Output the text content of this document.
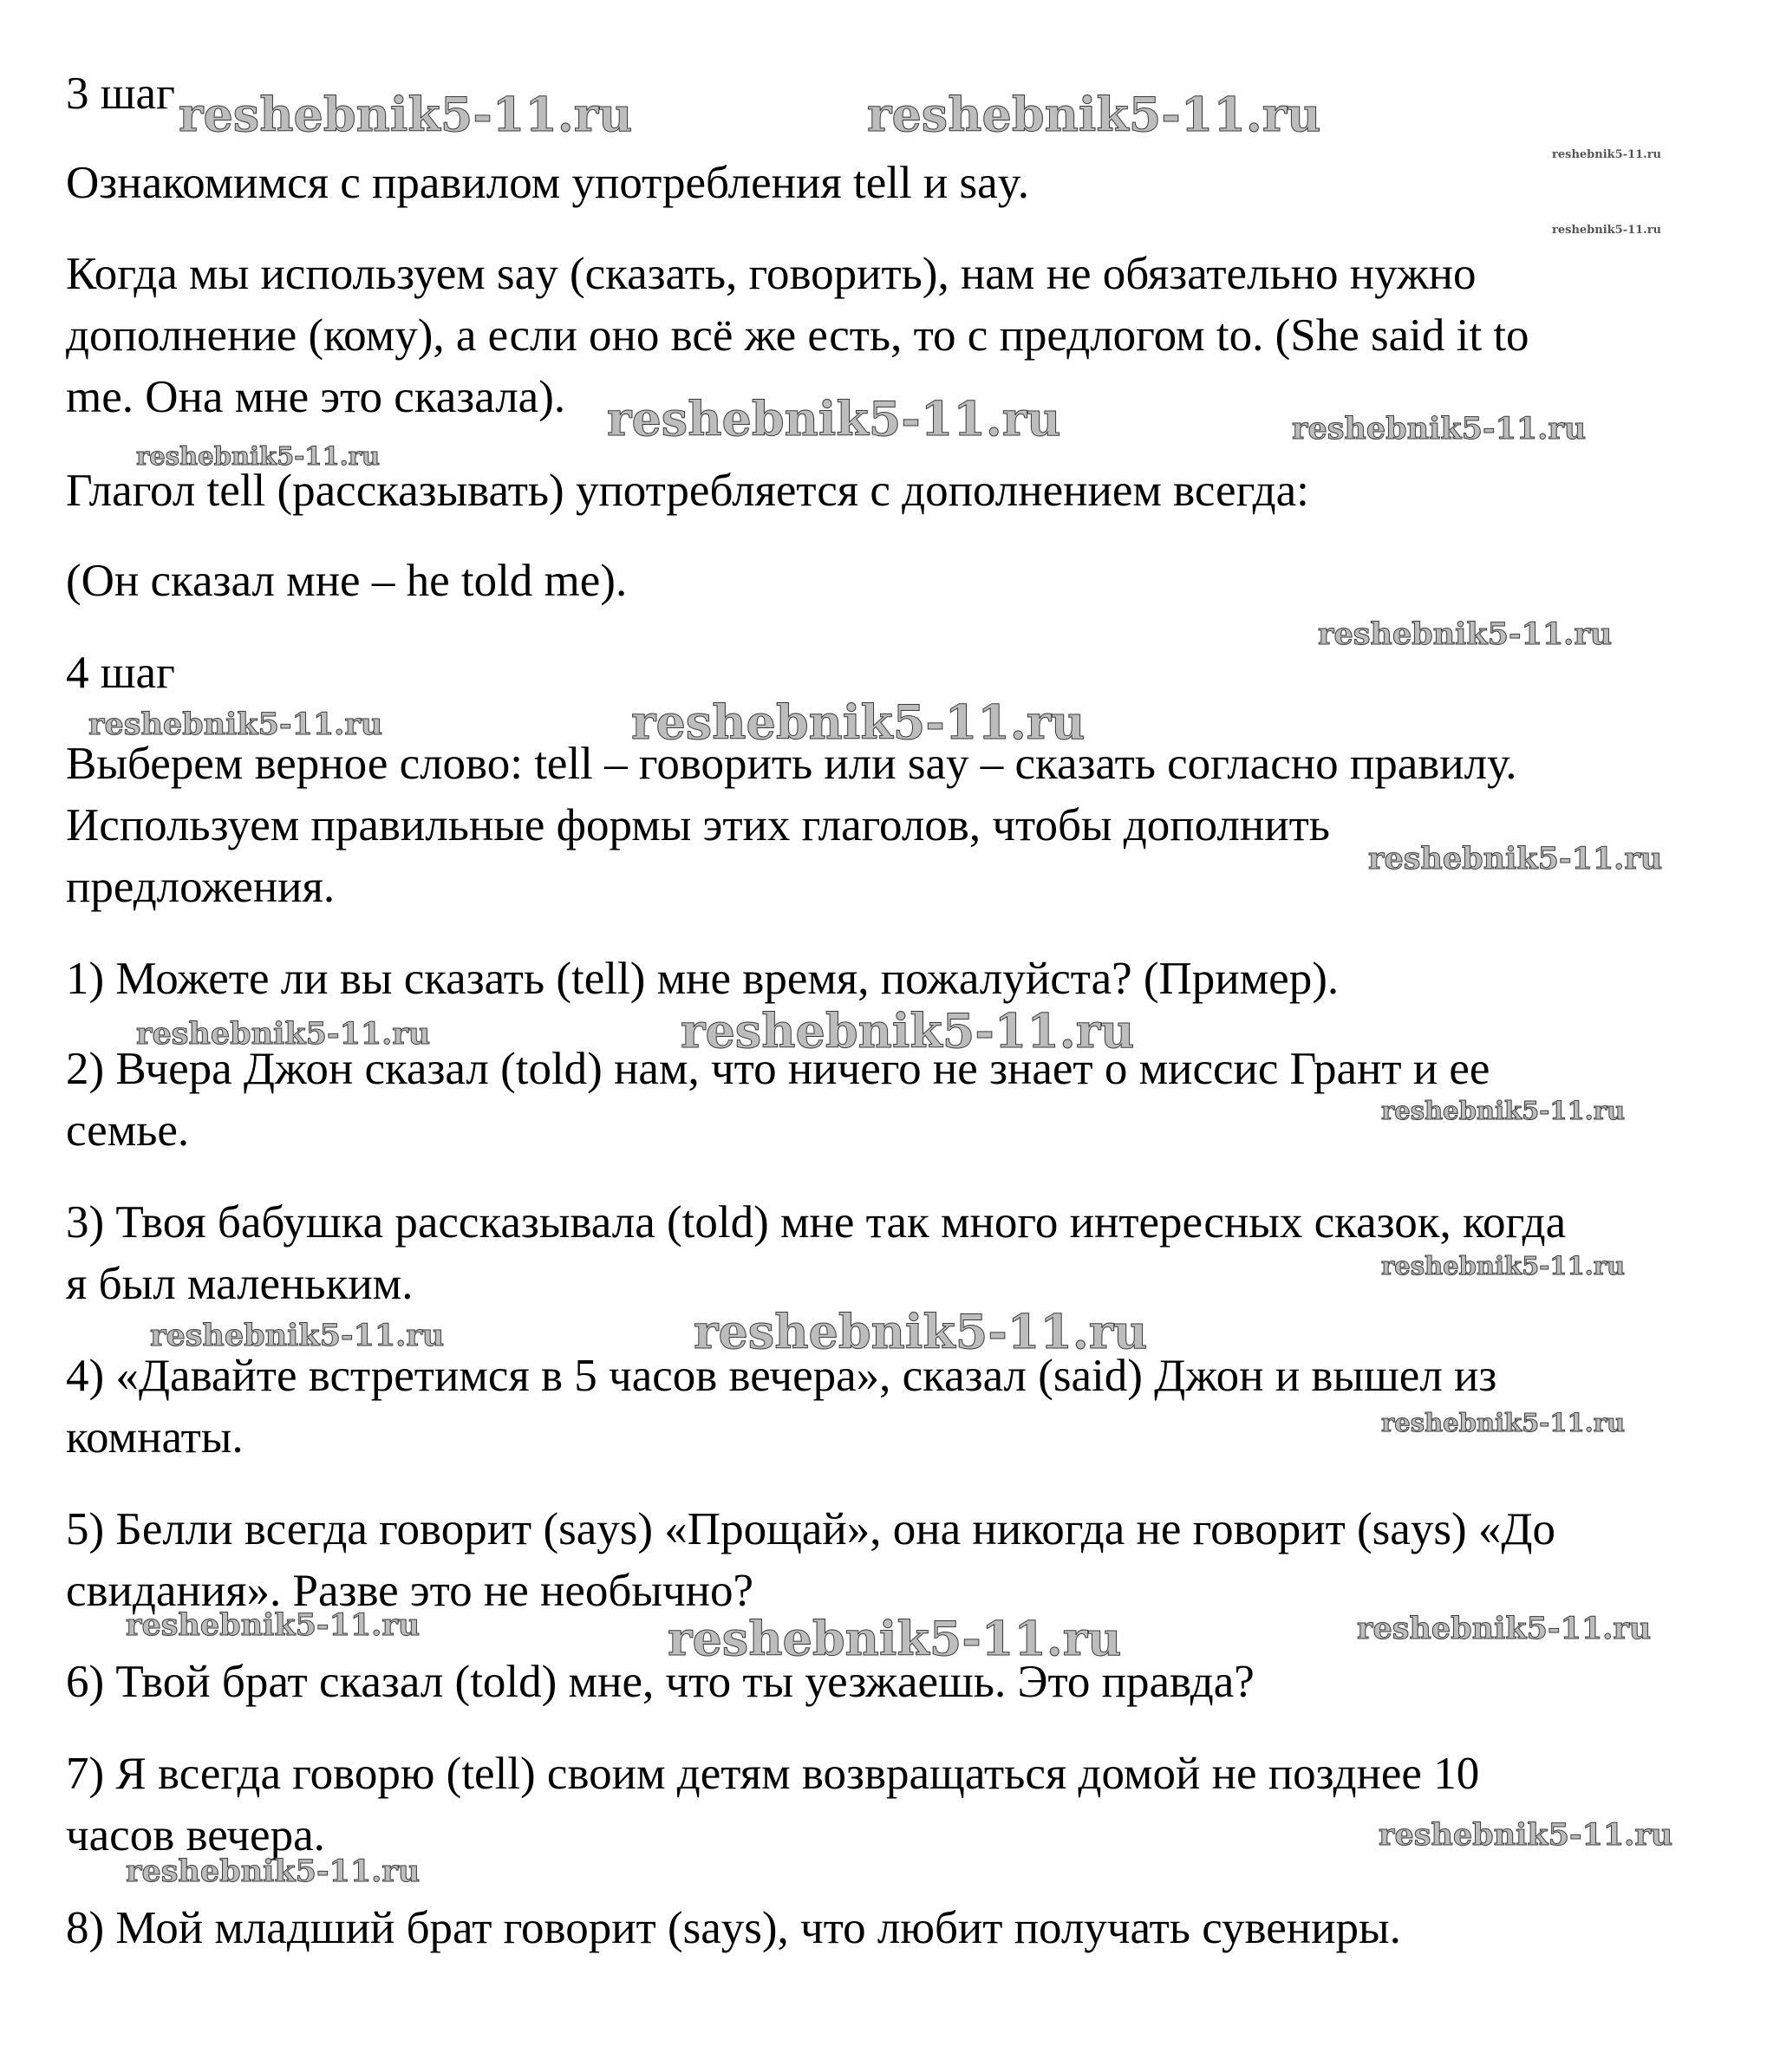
3 шаг
Ознакомимся с правилом употребления tell и say.
Когда мы используем say (сказать, говорить), нам не обязательно нужно
дополнение (кому), а если оно всё же есть, то с предлогом to. (She said it to
me. Она мне это сказала).
Глагол tell (рассказывать) употребляется с дополнением всегда:
(Он сказал мне – he told me).
4 шаг
Выберем верное слово: tell – говорить или say – сказать согласно правилу.
Используем правильные формы этих глаголов, чтобы дополнить
предложения.
1) Можете ли вы сказать (tell) мне время, пожалуйста? (Пример).
2) Вчера Джон сказал (told) нам, что ничего не знает о миссис Грант и ее
семье.
3) Твоя бабушка рассказывала (told) мне так много интересных сказок, когда
я был маленьким.
4) «Давайте встретимся в 5 часов вечера», сказал (said) Джон и вышел из
комнаты.
5) Белли всегда говорит (says) «Прощай», она никогда не говорит (says) «До
свидания». Разве это не необычно?
6) Твой брат сказал (told) мне, что ты уезжаешь. Это правда?
7) Я всегда говорю (tell) своим детям возвращаться домой не позднее 10
часов вечера.
8) Мой младший брат говорит (says), что любит получать сувениры.
reshebnik5-11.ru	reshebnik5-11.ru
reshebnik5-11.ru
reshebnik5-11.ru
reshebnik5-11.ru	reshebnik5-11.ru
reshebnik5-11.ru
reshebnik5-11.ru
reshebnik5-11.ru	reshebnik5-11.ru
reshebnik5-11.ru
reshebnik5-11.ru	reshebnik5-11.ru
reshebnik5-11.ru
reshebnik5-11.ru
reshebnik5-11.ru	reshebnik5-11.ru
reshebnik5-11.ru
reshebnik5-11.ru	reshebnik5-11.ru	reshebnik5-11.ru
reshebnik5-11.ru
reshebnik5-11.ru
